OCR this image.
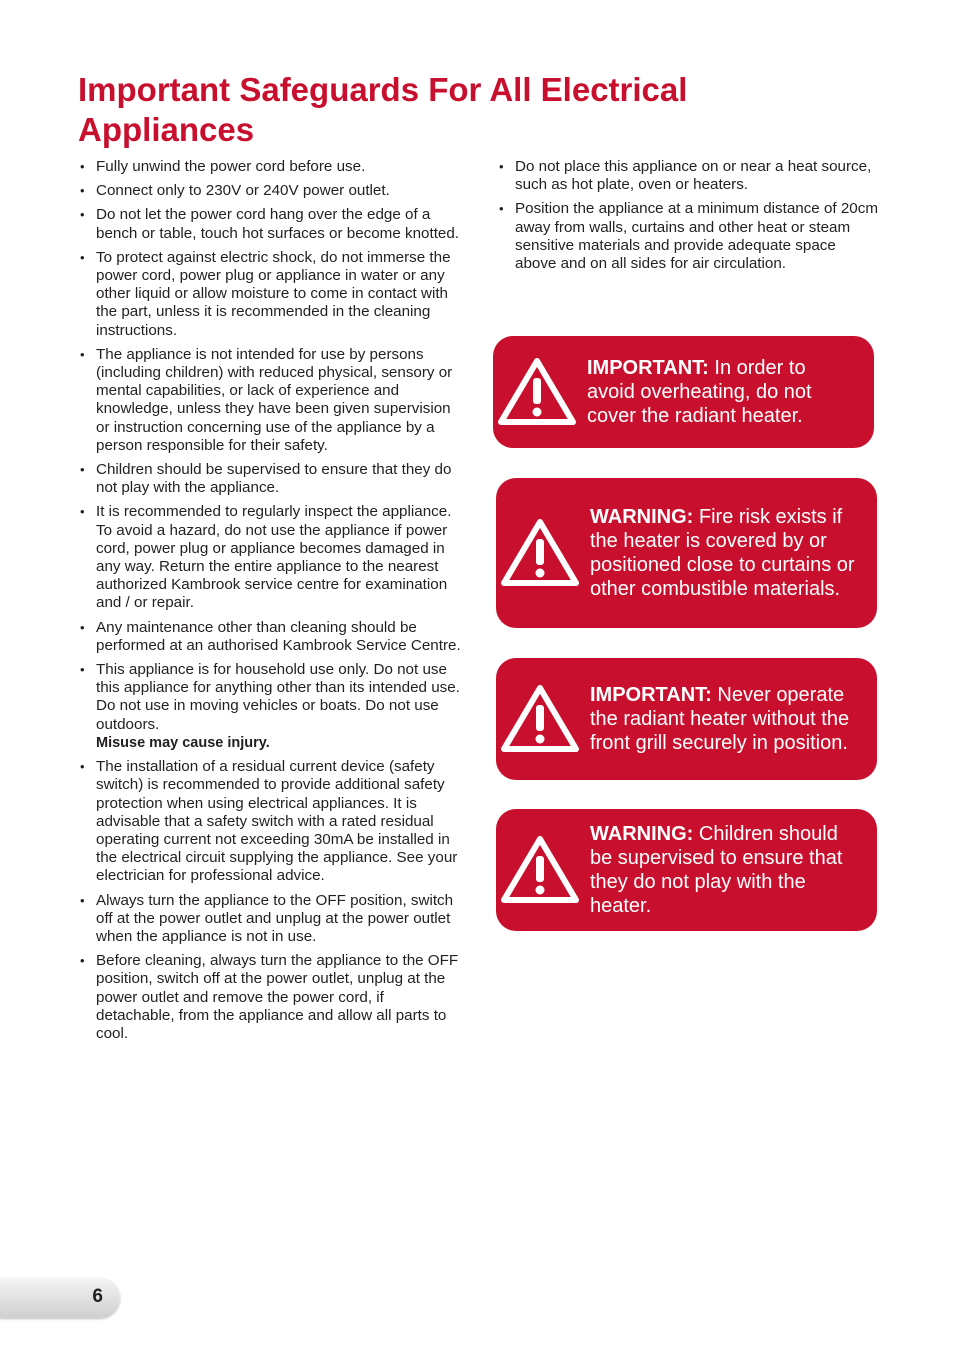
Important Safeguards For All Electrical Appliances
• Fully unwind the power cord before use.
• Connect only to 230V or 240V power outlet.
• Do not let the power cord hang over the edge of a bench or table, touch hot surfaces or become knotted.
• To protect against electric shock, do not immerse the power cord, power plug or appliance in water or any other liquid or allow moisture to come in contact with the part, unless it is recommended in the cleaning instructions.
• The appliance is not intended for use by persons (including children) with reduced physical, sensory or mental capabilities, or lack of experience and knowledge, unless they have been given supervision or instruction concerning use of the appliance by a person responsible for their safety.
• Children should be supervised to ensure that they do not play with the appliance.
• It is recommended to regularly inspect the appliance. To avoid a hazard, do not use the appliance if power cord, power plug or appliance becomes damaged in any way. Return the entire appliance to the nearest authorized Kambrook service centre for examination and / or repair.
• Any maintenance other than cleaning should be performed at an authorised Kambrook Service Centre.
• This appliance is for household use only. Do not use this appliance for anything other than its intended use. Do not use in moving vehicles or boats. Do not use outdoors.
Misuse may cause injury.
• The installation of a residual current device (safety switch) is recommended to provide additional safety protection when using electrical appliances. It is advisable that a safety switch with a rated residual operating current not exceeding 30mA be installed in the electrical circuit supplying the appliance. See your electrician for professional advice.
• Always turn the appliance to the OFF position, switch off at the power outlet and unplug at the power outlet when the appliance is not in use.
• Before cleaning, always turn the appliance to the OFF position, switch off at the power outlet, unplug at the power outlet and remove the power cord, if detachable, from the appliance and allow all parts to cool.
• Do not place this appliance on or near a heat source, such as hot plate, oven or heaters.
• Position the appliance at a minimum distance of 20cm away from walls, curtains and other heat or steam sensitive materials and provide adequate space above and on all sides for air circulation.
IMPORTANT: In order to avoid overheating, do not cover the radiant heater.
WARNING: Fire risk exists if the heater is covered by or positioned close to curtains or other combustible materials.
IMPORTANT: Never operate the radiant heater without the front grill securely in position.
WARNING: Children should be supervised to ensure that they do not play with the heater.
6
